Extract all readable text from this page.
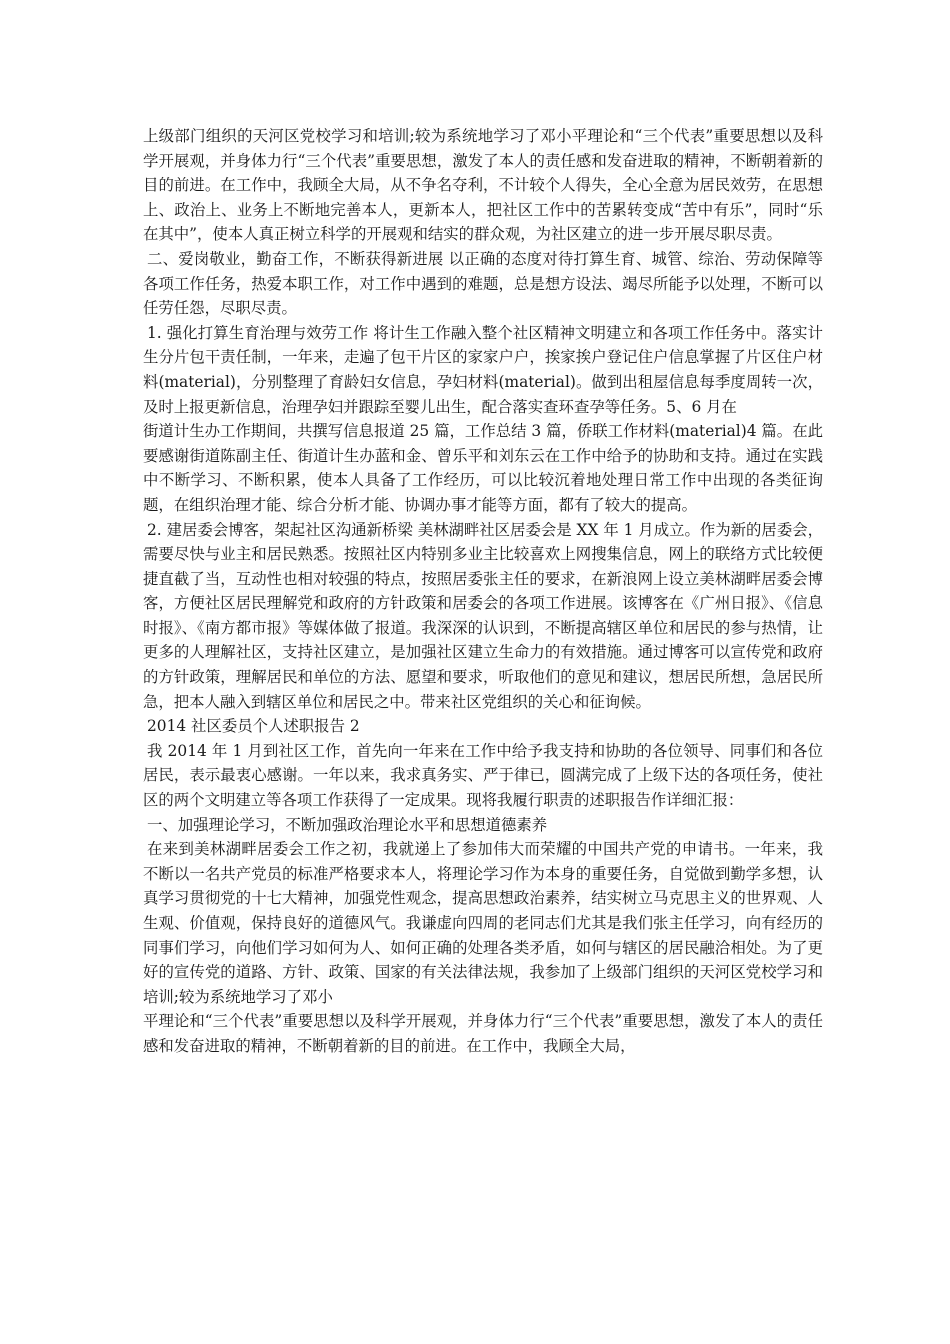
上级部门组织的天河区党校学习和培训;较为系统地学习了邓小平理论和“三个代表”重要思想以及科学开展观，并身体力行“三个代表”重要思想，激发了本人的责任感和发奋进取的精神，不断朝着新的目的前进。在工作中，我顾全大局，从不争名夺利，不计较个人得失，全心全意为居民效劳，在思想上、政治上、业务上不断地完善本人，更新本人，把社区工作中的苦累转变成“苦中有乐”，同时“乐在其中”，使本人真正树立科学的开展观和结实的群众观，为社区建立的进一步开展尽职尽责。

二、爱岗敬业，勤奋工作，不断获得新进展 以正确的态度对待打算生育、城管、综治、劳动保障等各项工作任务，热爱本职工作，对工作中遇到的难题，总是想方设法、竭尽所能予以处理，不断可以任劳任怨，尽职尽责。

1. 强化打算生育治理与效劳工作 将计生工作融入整个社区精神文明建立和各项工作任务中。落实计生分片包干责任制，一年来，走遍了包干片区的家家户户，挨家挨户登记住户信息掌握了片区住户材料(material)，分别整理了育龄妇女信息，孕妇材料(material)。做到出租屋信息每季度周转一次，及时上报更新信息，治理孕妇并跟踪至婴儿出生，配合落实查环查孕等任务。5、6 月在

街道计生办工作期间，共撰写信息报道 25 篇，工作总结 3 篇，侨联工作材料(material)4 篇。在此要感谢街道陈副主任、街道计生办蓝和金、曾乐平和刘东云在工作中给予的协助和支持。通过在实践中不断学习、不断积累，使本人具备了工作经历，可以比较沉着地处理日常工作中出现的各类征询题，在组织治理才能、综合分析才能、协调办事才能等方面，都有了较大的提高。

2. 建居委会博客，架起社区沟通新桥梁 美林湖畔社区居委会是 XX 年 1 月成立。作为新的居委会，需要尽快与业主和居民熟悉。按照社区内特别多业主比较喜欢上网搜集信息，网上的联络方式比较便捷直截了当，互动性也相对较强的特点，按照居委张主任的要求，在新浪网上设立美林湖畔居委会博客，方便社区居民理解党和政府的方针政策和居委会的各项工作进展。该博客在《广州日报》、《信息时报》、《南方都市报》等媒体做了报道。我深深的认识到，不断提高辖区单位和居民的参与热情，让更多的人理解社区，支持社区建立，是加强社区建立生命力的有效措施。通过博客可以宣传党和政府的方针政策，理解居民和单位的方法、愿望和要求，听取他们的意见和建议，想居民所想，急居民所急，把本人融入到辖区单位和居民之中。带来社区党组织的关心和征询候。

2014 社区委员个人述职报告 2

我 2014 年 1 月到社区工作，首先向一年来在工作中给予我支持和协助的各位领导、同事们和各位居民，表示最衷心感谢。一年以来，我求真务实、严于律已，圆满完成了上级下达的各项任务，使社区的两个文明建立等各项工作获得了一定成果。现将我履行职责的述职报告作详细汇报：

一、加强理论学习，不断加强政治理论水平和思想道德素养

在来到美林湖畔居委会工作之初，我就递上了参加伟大而荣耀的中国共产党的申请书。一年来，我不断以一名共产党员的标准严格要求本人，将理论学习作为本身的重要任务，自觉做到勤学多想，认真学习贯彻党的十七大精神，加强党性观念，提高思想政治素养，结实树立马克思主义的世界观、人生观、价值观，保持良好的道德风气。我谦虚向四周的老同志们尤其是我们张主任学习，向有经历的同事们学习，向他们学习如何为人、如何正确的处理各类矛盾，如何与辖区的居民融洽相处。为了更好的宣传党的道路、方针、政策、国家的有关法律法规，我参加了上级部门组织的天河区党校学习和培训;较为系统地学习了邓小

平理论和“三个代表”重要思想以及科学开展观，并身体力行“三个代表”重要思想，激发了本人的责任感和发奋进取的精神，不断朝着新的目的前进。在工作中，我顾全大局，
